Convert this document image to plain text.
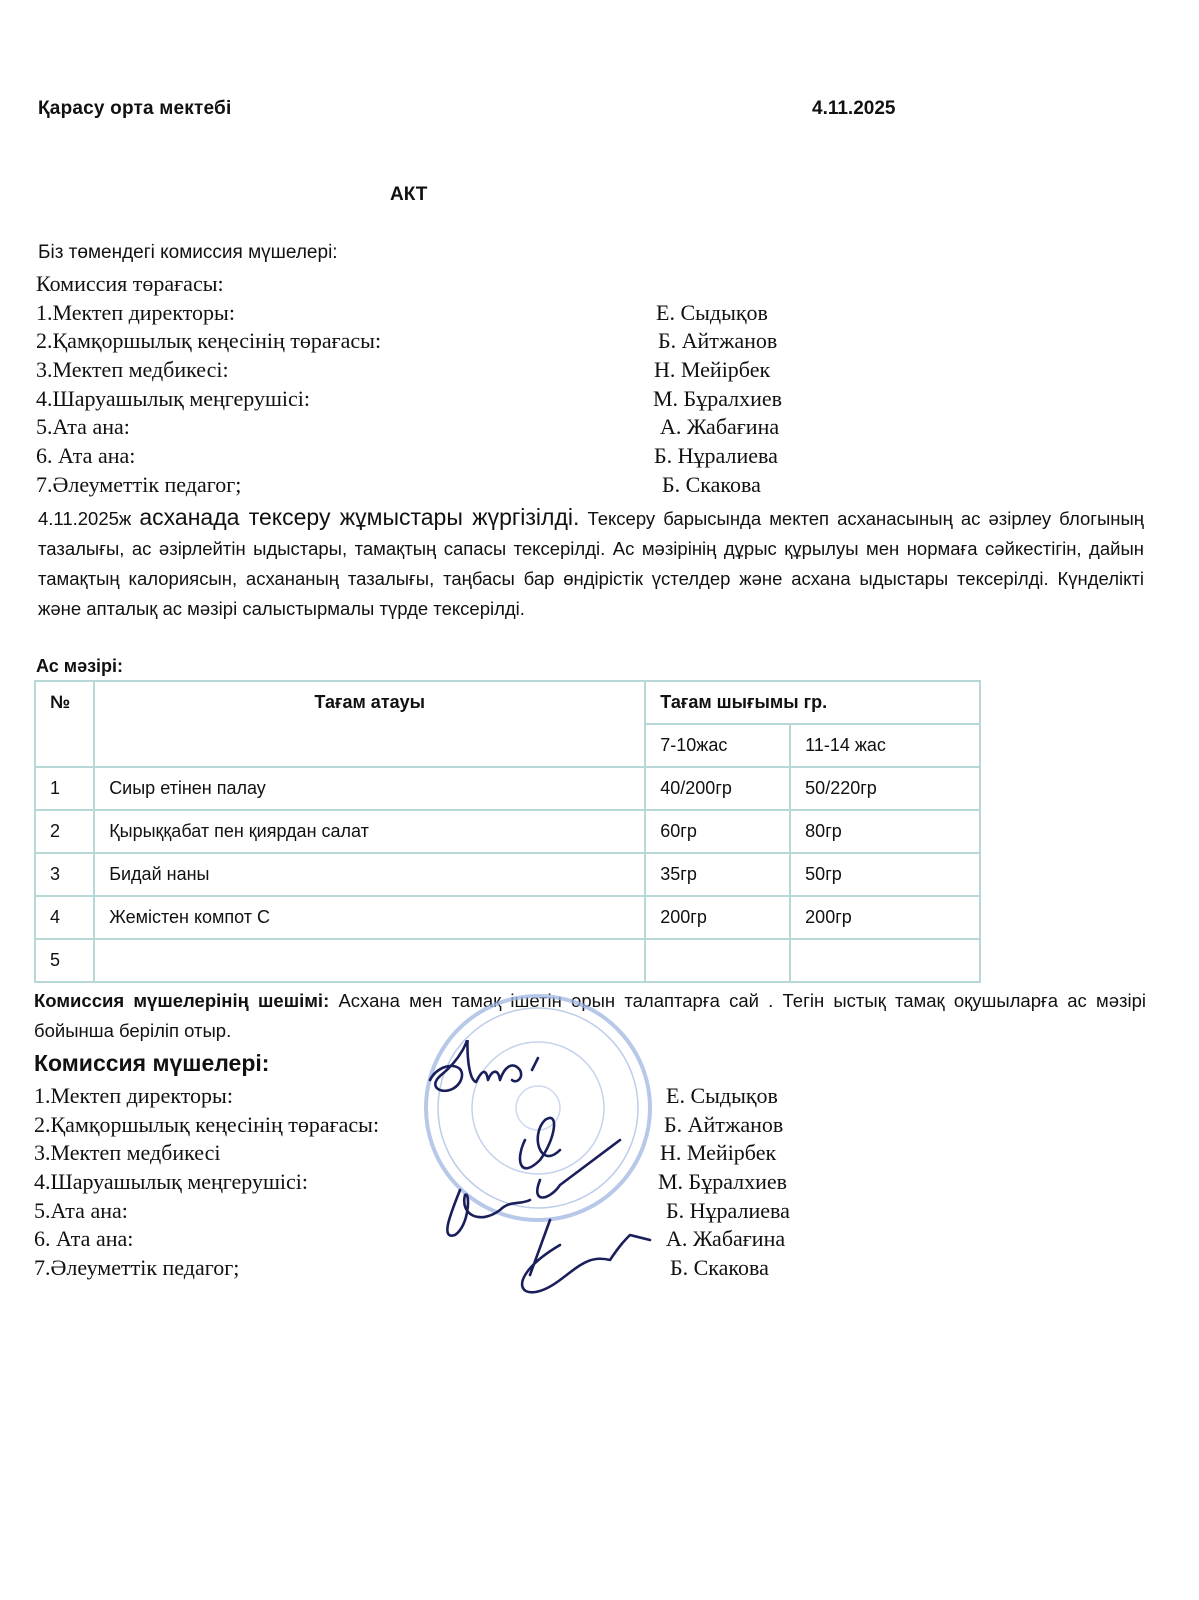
Қарасу орта мектебі	4.11.2025
АКТ
Біз төмендегі комиссия мүшелері:
Комиссия төрағасы:
1.Мектеп директоры:	Е. Сыдықов
2.Қамқоршылық кеңесінің төрағасы:	Б. Айтжанов
3.Мектеп медбикесі:	Н. Мейірбек
4.Шаруашылық меңгерушісі:	М. Бұралхиев
5.Ата ана:	А. Жабағина
6. Ата ана:	Б. Нұралиева
7.Әлеуметтік педагог;	Б. Скакова
4.11.2025ж асханада тексеру жұмыстары жүргізілді. Тексеру барысында мектеп асханасының ас әзірлеу блогының тазалығы, ас әзірлейтін ыдыстары, тамақтың сапасы тексерілді. Ас мәзірінің дұрыс құрылуы мен нормаға сәйкестігін, дайын тамақтың калориясын, асхананың тазалығы, таңбасы бар өндірістік үстелдер және асхана ыдыстары тексерілді. Күнделікті және апталық ас мәзірі салыстырмалы түрде тексерілді.
Ас мәзірі:
№	Тағам атауы	Тағам шығымы гр.	
		7-10жас	11-14 жас
1	Сиыр етінен палау	40/200гр	50/220гр
2	Қырыққабат пен қиярдан салат	60гр	80гр
3	Бидай наны	35гр	50гр
4	Жемістен компот С	200гр	200гр
5			
Комиссия мүшелерінің шешімі: Асхана мен тамақ ішетін орын талаптарға сай . Тегін ыстық тамақ оқушыларға ас мәзірі бойынша беріліп отыр.
Комиссия мүшелері:
1.Мектеп директоры:	Е. Сыдықов
2.Қамқоршылық кеңесінің төрағасы:	Б. Айтжанов
3.Мектеп медбикесі	Н. Мейірбек
4.Шаруашылық меңгерушісі:	М. Бұралхиев
5.Ата ана:	Б. Нұралиева
6. Ата ана:	А. Жабағина
7.Әлеуметтік педагог;	Б. Скакова
